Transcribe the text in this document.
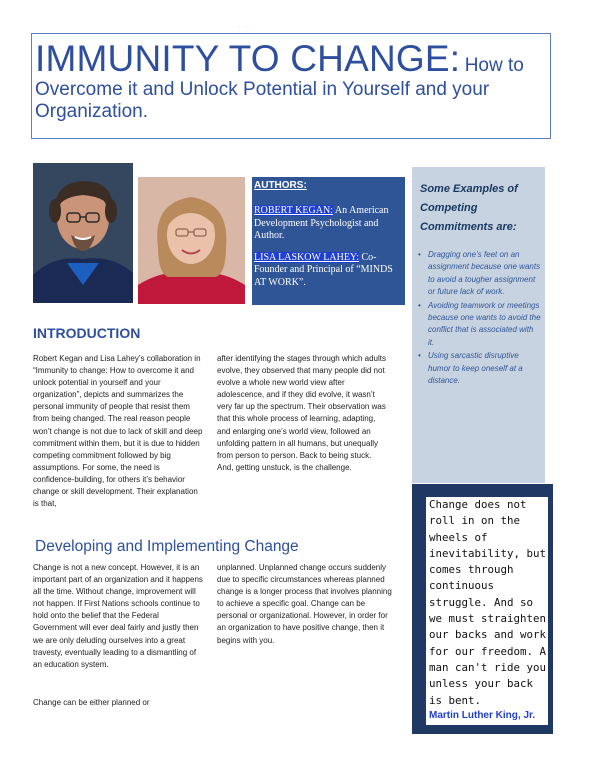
· · ·
IMMUNITY TO CHANGE: How to
Overcome it and Unlock Potential in Yourself and your
Organization.
AUTHORS:
ROBERT KEGAN: An American Development Psychologist and Author.
LISA LASKOW LAHEY: Co-Founder and Principal of “MINDS AT WORK”.
Some Examples of Competing Commitments are:
• Dragging one’s feet on an assignment because one wants to avoid a tougher assignment or future lack of work.
• Avoiding teamwork or meetings because one wants to avoid the conflict that is associated with it.
• Using sarcastic disruptive humor to keep oneself at a distance.
Change does not roll in on the wheels of inevitability, but comes through continuous struggle. And so we must straighten our backs and work for our freedom. A man can't ride you unless your back is bent.
Martin Luther King, Jr.
INTRODUCTION
Robert Kegan and Lisa Lahey’s collaboration in “Immunity to change: How to overcome it and unlock potential in yourself and your organization”, depicts and summarizes the personal immunity of people that resist them from being changed. The real reason people won’t change is not due to lack of skill and deep commitment within them, but it is due to hidden competing commitment followed by big assumptions. For some, the need is confidence-building, for others it’s behavior change or skill development. Their explanation is that,
after identifying the stages through which adults evolve, they observed that many people did not evolve a whole new world view after adolescence, and if they did evolve, it wasn’t very far up the spectrum. Their observation was that this whole process of learning, adapting, and enlarging one’s world view, followed an unfolding pattern in all humans, but unequally from person to person. Back to being stuck. And, getting unstuck, is the challenge.
Developing and Implementing Change
Change is not a new concept. However, it is an important part of an organization and it happens all the time. Without change, improvement will not happen. If First Nations schools continue to hold onto the belief that the Federal Government will ever deal fairly and justly then we are only deluding ourselves into a great travesty, eventually leading to a dismantling of an education system.
Change can be either planned or
unplanned. Unplanned change occurs suddenly due to specific circumstances whereas planned change is a longer process that involves planning to achieve a specific goal. Change can be personal or organizational. However, in order for an organization to have positive change, then it begins with you.
